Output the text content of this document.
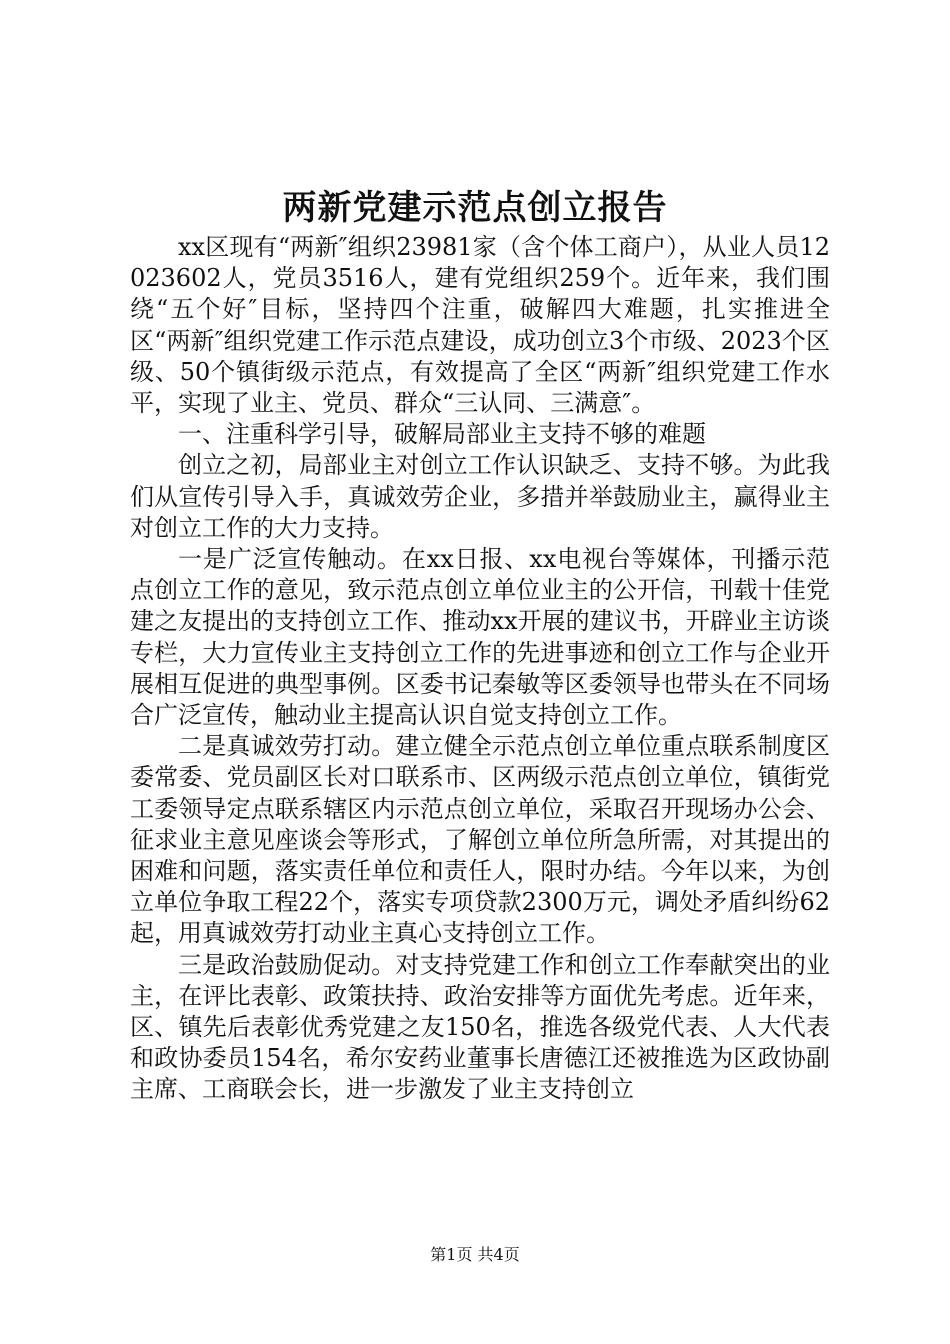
两新党建示范点创立报告

xx区现有“两新″组织23981家（含个体工商户），从业人员12023602人，党员3516人，建有党组织259个。近年来，我们围绕“五个好″目标，坚持四个注重，破解四大难题，扎实推进全区“两新″组织党建工作示范点建设，成功创立3个市级、2023个区级、50个镇街级示范点，有效提高了全区“两新″组织党建工作水平，实现了业主、党员、群众“三认同、三满意″。

一、注重科学引导，破解局部业主支持不够的难题

创立之初，局部业主对创立工作认识缺乏、支持不够。为此我们从宣传引导入手，真诚效劳企业，多措并举鼓励业主，赢得业主对创立工作的大力支持。

一是广泛宣传触动。在xx日报、xx电视台等媒体，刊播示范点创立工作的意见，致示范点创立单位业主的公开信，刊载十佳党建之友提出的支持创立工作、推动xx开展的建议书，开辟业主访谈专栏，大力宣传业主支持创立工作的先进事迹和创立工作与企业开展相互促进的典型事例。区委书记秦敏等区委领导也带头在不同场合广泛宣传，触动业主提高认识自觉支持创立工作。

二是真诚效劳打动。建立健全示范点创立单位重点联系制度区委常委、党员副区长对口联系市、区两级示范点创立单位，镇街党工委领导定点联系辖区内示范点创立单位，采取召开现场办公会、征求业主意见座谈会等形式，了解创立单位所急所需，对其提出的困难和问题，落实责任单位和责任人，限时办结。今年以来，为创立单位争取工程22个，落实专项贷款2300万元，调处矛盾纠纷62起，用真诚效劳打动业主真心支持创立工作。

三是政治鼓励促动。对支持党建工作和创立工作奉献突出的业主，在评比表彰、政策扶持、政治安排等方面优先考虑。近年来，区、镇先后表彰优秀党建之友150名，推选各级党代表、人大代表和政协委员154名，希尔安药业董事长唐德江还被推选为区政协副主席、工商联会长，进一步激发了业主支持创立

第1页 共4页
